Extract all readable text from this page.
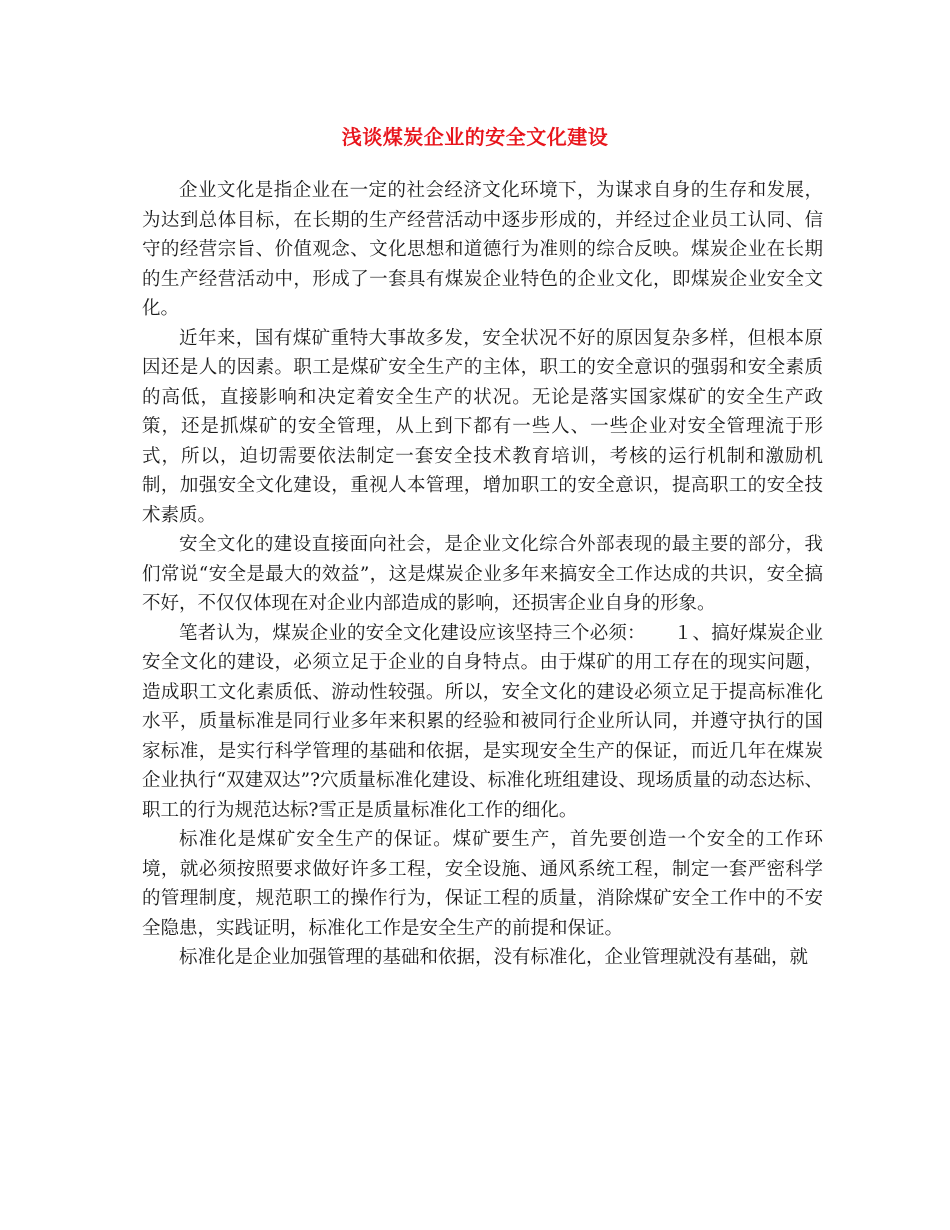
浅谈煤炭企业的安全文化建设

企业文化是指企业在一定的社会经济文化环境下，为谋求自身的生存和发展，为达到总体目标，在长期的生产经营活动中逐步形成的，并经过企业员工认同、信守的经营宗旨、价值观念、文化思想和道德行为准则的综合反映。煤炭企业在长期的生产经营活动中，形成了一套具有煤炭企业特色的企业文化，即煤炭企业安全文化。

近年来，国有煤矿重特大事故多发，安全状况不好的原因复杂多样，但根本原因还是人的因素。职工是煤矿安全生产的主体，职工的安全意识的强弱和安全素质的高低，直接影响和决定着安全生产的状况。无论是落实国家煤矿的安全生产政策，还是抓煤矿的安全管理，从上到下都有一些人、一些企业对安全管理流于形式，所以，迫切需要依法制定一套安全技术教育培训，考核的运行机制和激励机制，加强安全文化建设，重视人本管理，增加职工的安全意识，提高职工的安全技术素质。

安全文化的建设直接面向社会，是企业文化综合外部表现的最主要的部分，我们常说“安全是最大的效益”，这是煤炭企业多年来搞安全工作达成的共识，安全搞不好，不仅仅体现在对企业内部造成的影响，还损害企业自身的形象。

笔者认为，煤炭企业的安全文化建设应该坚持三个必须：　　１、搞好煤炭企业安全文化的建设，必须立足于企业的自身特点。由于煤矿的用工存在的现实问题，造成职工文化素质低、游动性较强。所以，安全文化的建设必须立足于提高标准化水平，质量标准是同行业多年来积累的经验和被同行企业所认同，并遵守执行的国家标准，是实行科学管理的基础和依据，是实现安全生产的保证，而近几年在煤炭企业执行“双建双达”?穴质量标准化建设、标准化班组建设、现场质量的动态达标、职工的行为规范达标?雪正是质量标准化工作的细化。

标准化是煤矿安全生产的保证。煤矿要生产，首先要创造一个安全的工作环境，就必须按照要求做好许多工程，安全设施、通风系统工程，制定一套严密科学的管理制度，规范职工的操作行为，保证工程的质量，消除煤矿安全工作中的不安全隐患，实践证明，标准化工作是安全生产的前提和保证。

标准化是企业加强管理的基础和依据，没有标准化，企业管理就没有基础，就
